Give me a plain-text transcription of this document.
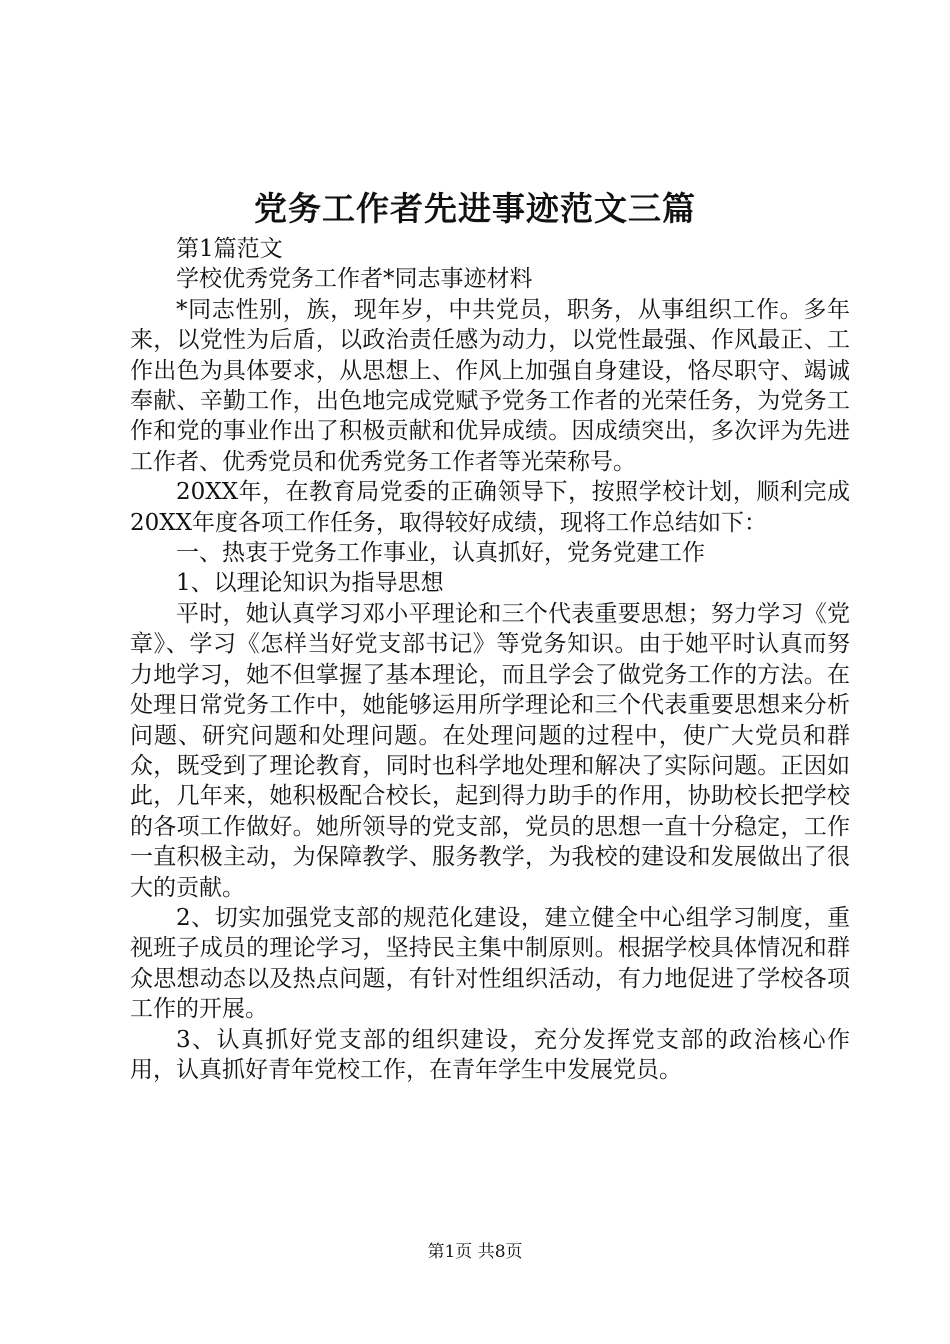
党务工作者先进事迹范文三篇

第1篇范文

学校优秀党务工作者*同志事迹材料

*同志性别，族，现年岁，中共党员，职务，从事组织工作。多年来，以党性为后盾，以政治责任感为动力，以党性最强、作风最正、工作出色为具体要求，从思想上、作风上加强自身建设，恪尽职守、竭诚奉献、辛勤工作，出色地完成党赋予党务工作者的光荣任务，为党务工作和党的事业作出了积极贡献和优异成绩。因成绩突出，多次评为先进工作者、优秀党员和优秀党务工作者等光荣称号。

20XX年，在教育局党委的正确领导下，按照学校计划，顺利完成20XX年度各项工作任务，取得较好成绩，现将工作总结如下：

一、热衷于党务工作事业，认真抓好，党务党建工作

1、以理论知识为指导思想

平时，她认真学习邓小平理论和三个代表重要思想；努力学习《党章》、学习《怎样当好党支部书记》等党务知识。由于她平时认真而努力地学习，她不但掌握了基本理论，而且学会了做党务工作的方法。在处理日常党务工作中，她能够运用所学理论和三个代表重要思想来分析问题、研究问题和处理问题。在处理问题的过程中，使广大党员和群众，既受到了理论教育，同时也科学地处理和解决了实际问题。正因如此，几年来，她积极配合校长，起到得力助手的作用，协助校长把学校的各项工作做好。她所领导的党支部，党员的思想一直十分稳定，工作一直积极主动，为保障教学、服务教学，为我校的建设和发展做出了很大的贡献。

2、切实加强党支部的规范化建设，建立健全中心组学习制度，重视班子成员的理论学习，坚持民主集中制原则。根据学校具体情况和群众思想动态以及热点问题，有针对性组织活动，有力地促进了学校各项工作的开展。

3、认真抓好党支部的组织建设，充分发挥党支部的政治核心作用，认真抓好青年党校工作，在青年学生中发展党员。

第1页 共8页
